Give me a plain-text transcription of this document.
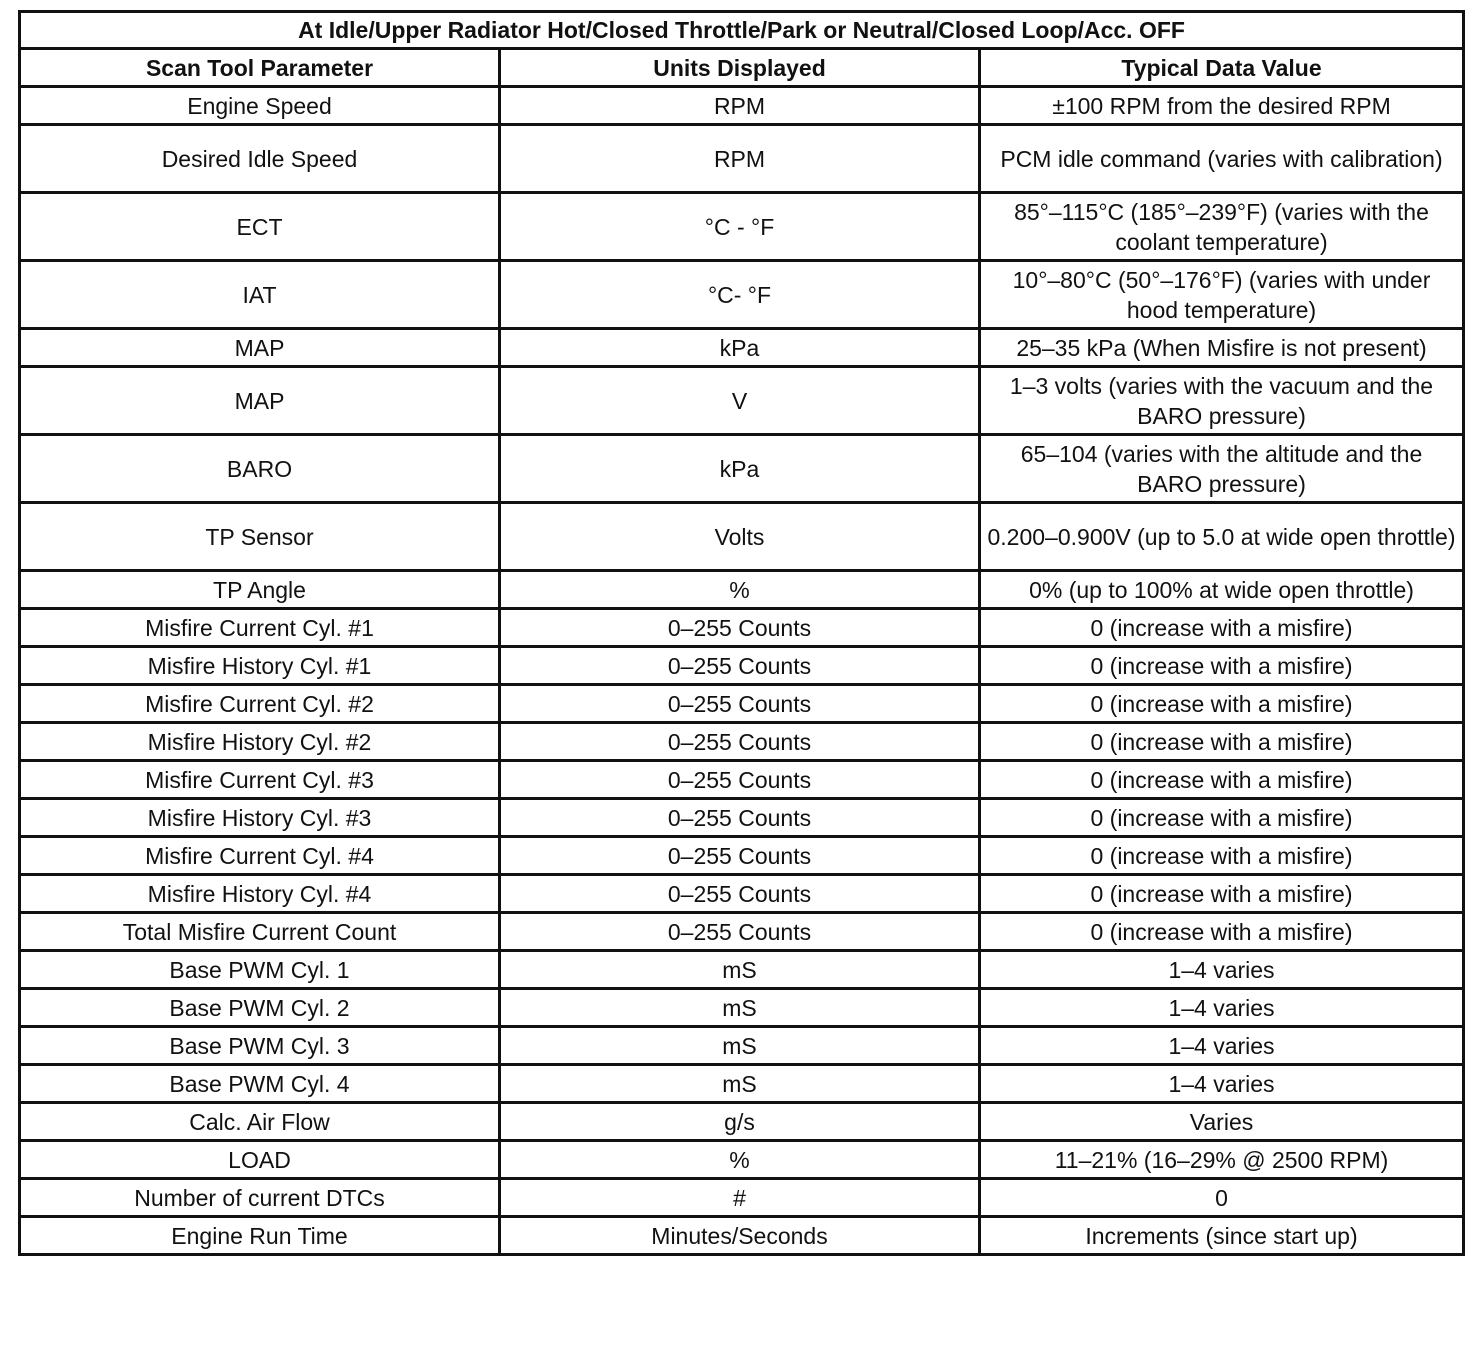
At Idle/Upper Radiator Hot/Closed Throttle/Park or Neutral/Closed Loop/Acc. OFF		
Scan Tool Parameter	Units Displayed	Typical Data Value
Engine Speed	RPM	±100 RPM from the desired RPM
Desired Idle Speed	RPM	PCM idle command (varies with calibration)
ECT	°C - °F	85°–115°C (185°–239°F) (varies with the coolant temperature)
IAT	°C- °F	10°–80°C (50°–176°F) (varies with under hood temperature)
MAP	kPa	25–35 kPa (When Misfire is not present)
MAP	V	1–3 volts (varies with the vacuum and the BARO pressure)
BARO	kPa	65–104 (varies with the altitude and the BARO pressure)
TP Sensor	Volts	0.200–0.900V (up to 5.0 at wide open throttle)
TP Angle	%	0% (up to 100% at wide open throttle)
Misfire Current Cyl. #1	0–255 Counts	0 (increase with a misfire)
Misfire History Cyl. #1	0–255 Counts	0 (increase with a misfire)
Misfire Current Cyl. #2	0–255 Counts	0 (increase with a misfire)
Misfire History Cyl. #2	0–255 Counts	0 (increase with a misfire)
Misfire Current Cyl. #3	0–255 Counts	0 (increase with a misfire)
Misfire History Cyl. #3	0–255 Counts	0 (increase with a misfire)
Misfire Current Cyl. #4	0–255 Counts	0 (increase with a misfire)
Misfire History Cyl. #4	0–255 Counts	0 (increase with a misfire)
Total Misfire Current Count	0–255 Counts	0 (increase with a misfire)
Base PWM Cyl. 1	mS	1–4 varies
Base PWM Cyl. 2	mS	1–4 varies
Base PWM Cyl. 3	mS	1–4 varies
Base PWM Cyl. 4	mS	1–4 varies
Calc. Air Flow	g/s	Varies
LOAD	%	11–21% (16–29% @ 2500 RPM)
Number of current DTCs	#	0
Engine Run Time	Minutes/Seconds	Increments (since start up)
